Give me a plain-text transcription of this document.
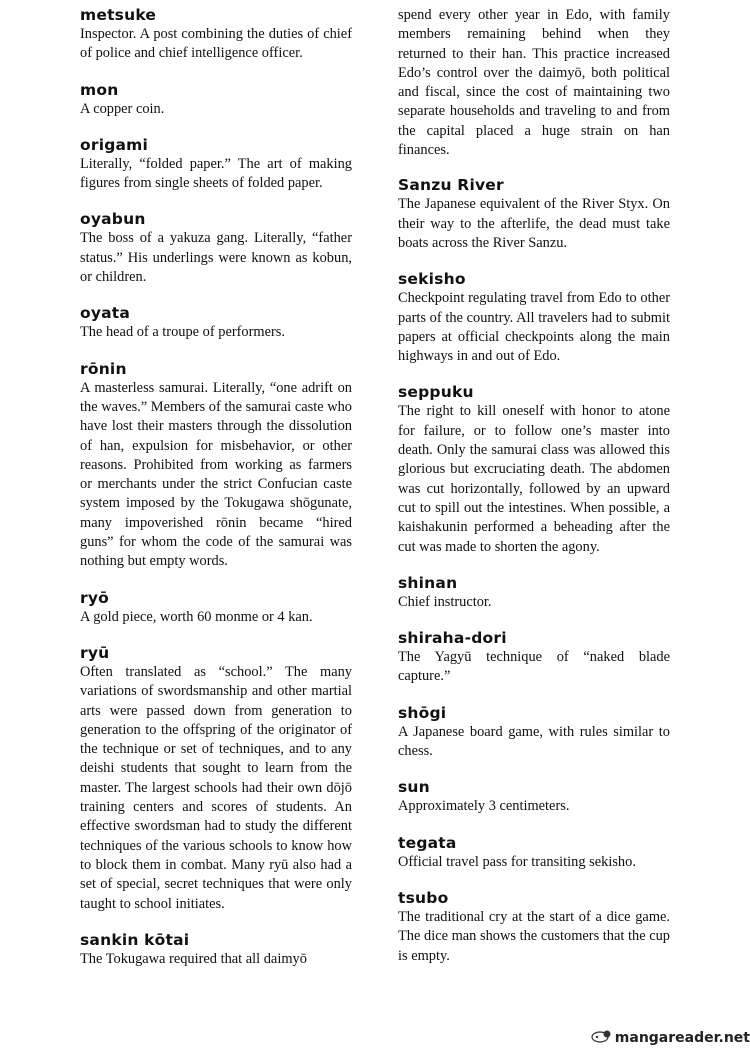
metsuke

Inspector. A post combining the duties of chief of police and chief intelligence officer.

mon

A copper coin.

origami

Literally, “folded paper.” The art of making figures from single sheets of folded paper.

oyabun

The boss of a yakuza gang. Literally, “father status.” His underlings were known as kobun, or children.

oyata

The head of a troupe of performers.

rōnin

A masterless samurai. Literally, “one adrift on the waves.” Members of the samurai caste who have lost their masters through the dissolution of han, expulsion for misbehavior, or other reasons. Prohibited from working as farmers or merchants under the strict Confucian caste system imposed by the Tokugawa shōgunate, many impoverished rōnin became “hired guns” for whom the code of the samurai was nothing but empty words.

ryō

A gold piece, worth 60 monme or 4 kan.

ryū

Often translated as “school.” The many variations of swordsmanship and other martial arts were passed down from generation to generation to the offspring of the originator of the technique or set of techniques, and to any deishi students that sought to learn from the master. The largest schools had their own dōjō training centers and scores of students. An effective swordsman had to study the different techniques of the various schools to know how to block them in combat. Many ryū also had a set of special, secret techniques that were only taught to school initiates.

sankin kōtai

The Tokugawa required that all daimyō

spend every other year in Edo, with family members remaining behind when they returned to their han. This practice increased Edo’s control over the daimyō, both political and fiscal, since the cost of maintaining two separate households and traveling to and from the capital placed a huge strain on han finances.

Sanzu River

The Japanese equivalent of the River Styx. On their way to the afterlife, the dead must take boats across the River Sanzu.

sekisho

Checkpoint regulating travel from Edo to other parts of the country. All travelers had to submit papers at official checkpoints along the main highways in and out of Edo.

seppuku

The right to kill oneself with honor to atone for failure, or to follow one’s master into death. Only the samurai class was allowed this glorious but excruciating death. The abdomen was cut horizontally, followed by an upward cut to spill out the intestines. When possible, a kaishakunin performed a beheading after the cut was made to shorten the agony.

shinan

Chief instructor.

shiraha-dori

The Yagyū technique of “naked blade capture.”

shōgi

A Japanese board game, with rules similar to chess.

sun

Approximately 3 centimeters.

tegata

Official travel pass for transiting sekisho.

tsubo

The traditional cry at the start of a dice game. The dice man shows the customers that the cup is empty.

mangareader.net
